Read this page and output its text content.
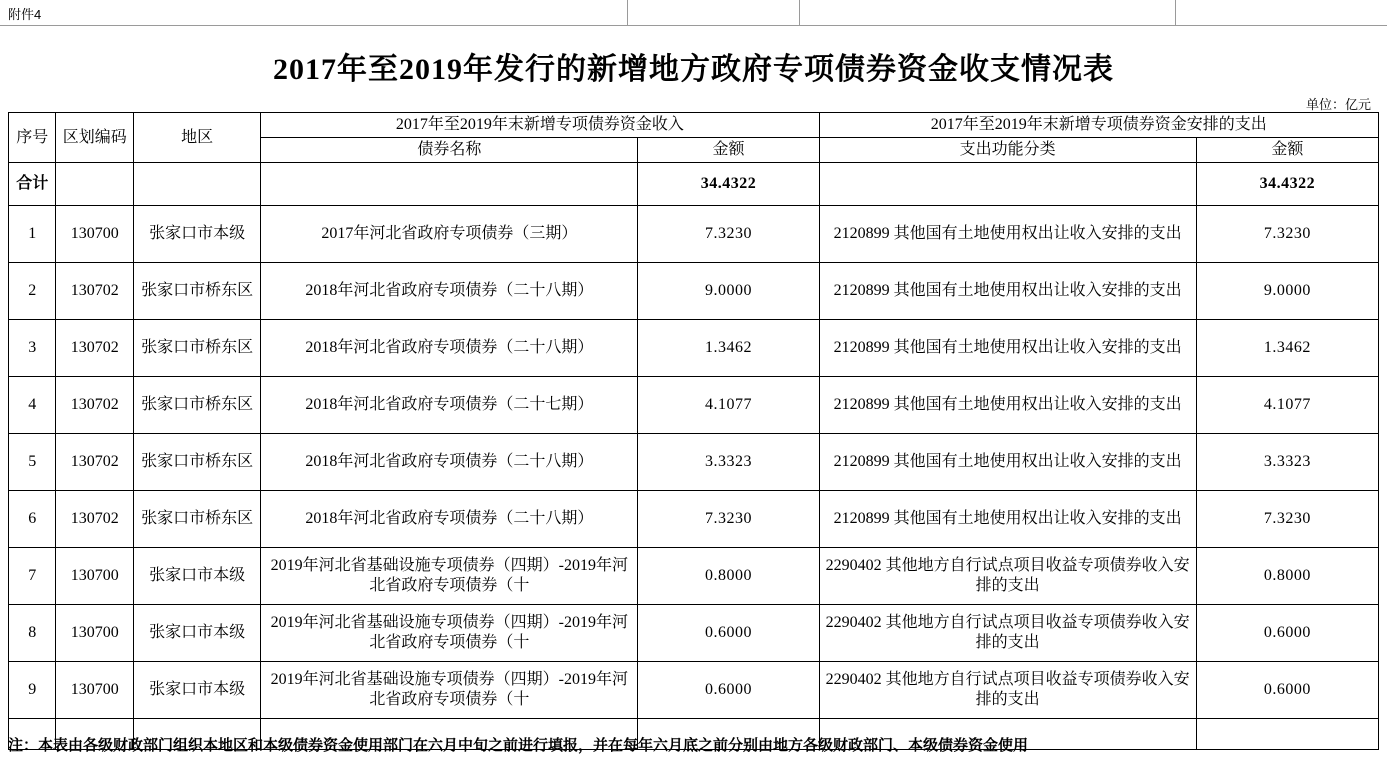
附件4
2017年至2019年发行的新增地方政府专项债券资金收支情况表
单位：亿元
序号	区划编码	地区	2017年至2019年末新增专项债券资金收入		2017年至2019年末新增专项债券资金安排的支出	
			债券名称	金额	支出功能分类	金额
合计				34.4322		34.4322
1	130700	张家口市本级	2017年河北省政府专项债券（三期）	7.3230	2120899 其他国有土地使用权出让收入安排的支出	7.3230
2	130702	张家口市桥东区	2018年河北省政府专项债券（二十八期）	9.0000	2120899 其他国有土地使用权出让收入安排的支出	9.0000
3	130702	张家口市桥东区	2018年河北省政府专项债券（二十八期）	1.3462	2120899 其他国有土地使用权出让收入安排的支出	1.3462
4	130702	张家口市桥东区	2018年河北省政府专项债券（二十七期）	4.1077	2120899 其他国有土地使用权出让收入安排的支出	4.1077
5	130702	张家口市桥东区	2018年河北省政府专项债券（二十八期）	3.3323	2120899 其他国有土地使用权出让收入安排的支出	3.3323
6	130702	张家口市桥东区	2018年河北省政府专项债券（二十八期）	7.3230	2120899 其他国有土地使用权出让收入安排的支出	7.3230
7	130700	张家口市本级	2019年河北省基础设施专项债券（四期）-2019年河北省政府专项债券（十	0.8000	2290402 其他地方自行试点项目收益专项债券收入安排的支出	0.8000
8	130700	张家口市本级	2019年河北省基础设施专项债券（四期）-2019年河北省政府专项债券（十	0.6000	2290402 其他地方自行试点项目收益专项债券收入安排的支出	0.6000
9	130700	张家口市本级	2019年河北省基础设施专项债券（四期）-2019年河北省政府专项债券（十	0.6000	2290402 其他地方自行试点项目收益专项债券收入安排的支出	0.6000

注：本表由各级财政部门组织本地区和本级债券资金使用部门在六月中旬之前进行填报，并在每年六月底之前分别由地方各级财政部门、本级债券资金使用
